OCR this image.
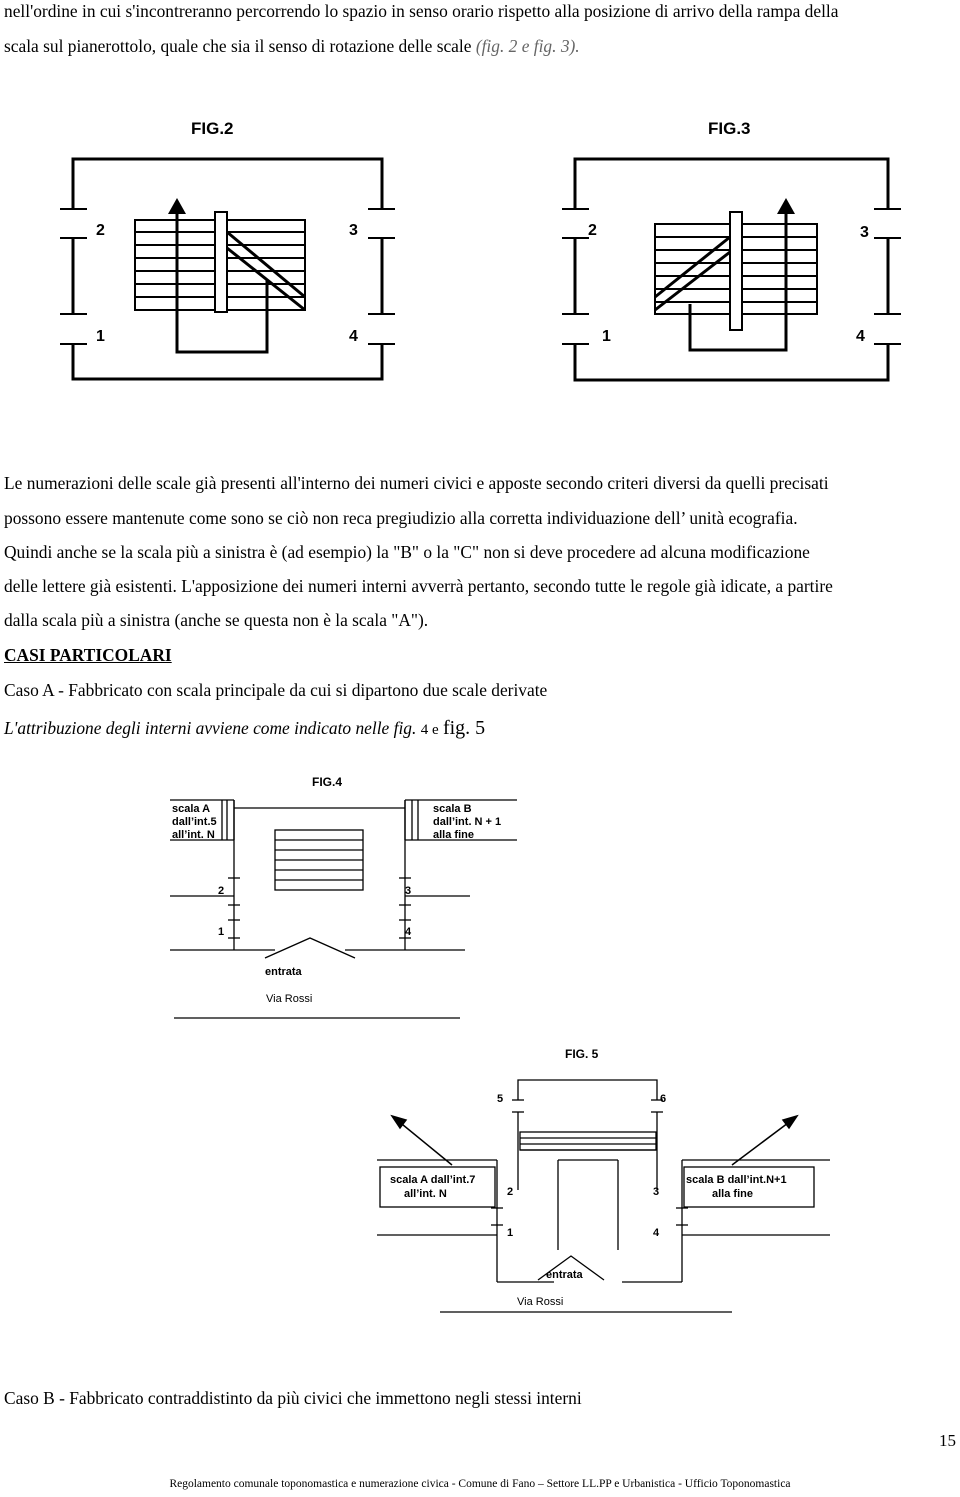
nell'ordine in cui s'incontreranno percorrendo lo spazio in senso orario rispetto alla posizione di arrivo della rampa della
scala sul pianerottolo, quale che sia il senso di rotazione delle scale (fig. 2 e fig. 3).
FIG.2
2	3
1	4
FIG.3
2	3
1	4
Le numerazioni delle scale già presenti all'interno dei numeri civici e apposte secondo criteri diversi da quelli precisati
possono essere mantenute come sono se ciò non reca pregiudizio alla corretta individuazione dell’ unità ecografia.
Quindi anche se la scala più a sinistra è (ad esempio) la "B" o la "C" non si deve procedere ad alcuna modificazione
delle lettere già esistenti. L'apposizione dei numeri interni avverrà pertanto, secondo tutte le regole già idicate, a partire
dalla scala più a sinistra (anche se questa non è la scala "A").
CASI PARTICOLARI
Caso A - Fabbricato con scala principale da cui si dipartono due scale derivate
L'attribuzione degli interni avviene come indicato nelle fig. 4 e fig. 5
FIG.4
scala A
dall’int.5
all’int. N
scala B
dall’int. N + 1
alla fine
2
1
3
4
entrata
Via Rossi
FIG. 5
5	6
scala A dall’int.7
all’int. N
scala B dall’int.N+1
alla fine
2
1
3
4
entrata
Via Rossi
Caso B - Fabbricato contraddistinto da più civici che immettono negli stessi interni
15
Regolamento comunale toponomastica e numerazione civica - Comune di Fano – Settore LL.PP e Urbanistica - Ufficio Toponomastica
